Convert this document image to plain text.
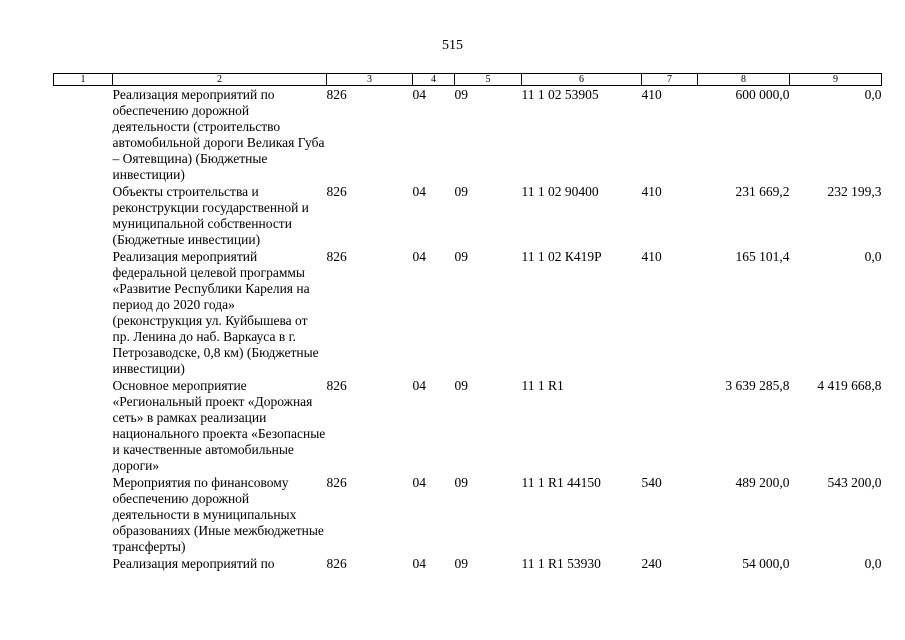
515
1	2	3	4	5	6	7	8	9
	Реализация мероприятий по обеспечению дорожной деятельности (строительство автомобильной дороги Великая Губа – Оятевщина) (Бюджетные инвестиции)	826	04	09	11 1 02 53905	410	600 000,0	0,0
	Объекты строительства и реконструкции государственной и муниципальной собственности (Бюджетные инвестиции)	826	04	09	11 1 02 90400	410	231 669,2	232 199,3
	Реализация мероприятий федеральной целевой программы «Развитие Республики Карелия на период до 2020 года» (реконструкция ул. Куйбышева от пр. Ленина до наб. Варкауса в г. Петрозаводске, 0,8 км) (Бюджетные инвестиции)	826	04	09	11 1 02 К419Р	410	165 101,4	0,0
	Основное мероприятие «Региональный проект «Дорожная сеть» в рамках реализации национального проекта «Безопасные и качественные автомобильные дороги»	826	04	09	11 1 R1		3 639 285,8	4 419 668,8
	Мероприятия по финансовому обеспечению дорожной деятельности в муниципальных образованиях (Иные межбюджетные трансферты)	826	04	09	11 1 R1 44150	540	489 200,0	543 200,0
	Реализация мероприятий по	826	04	09	11 1 R1 53930	240	54 000,0	0,0
